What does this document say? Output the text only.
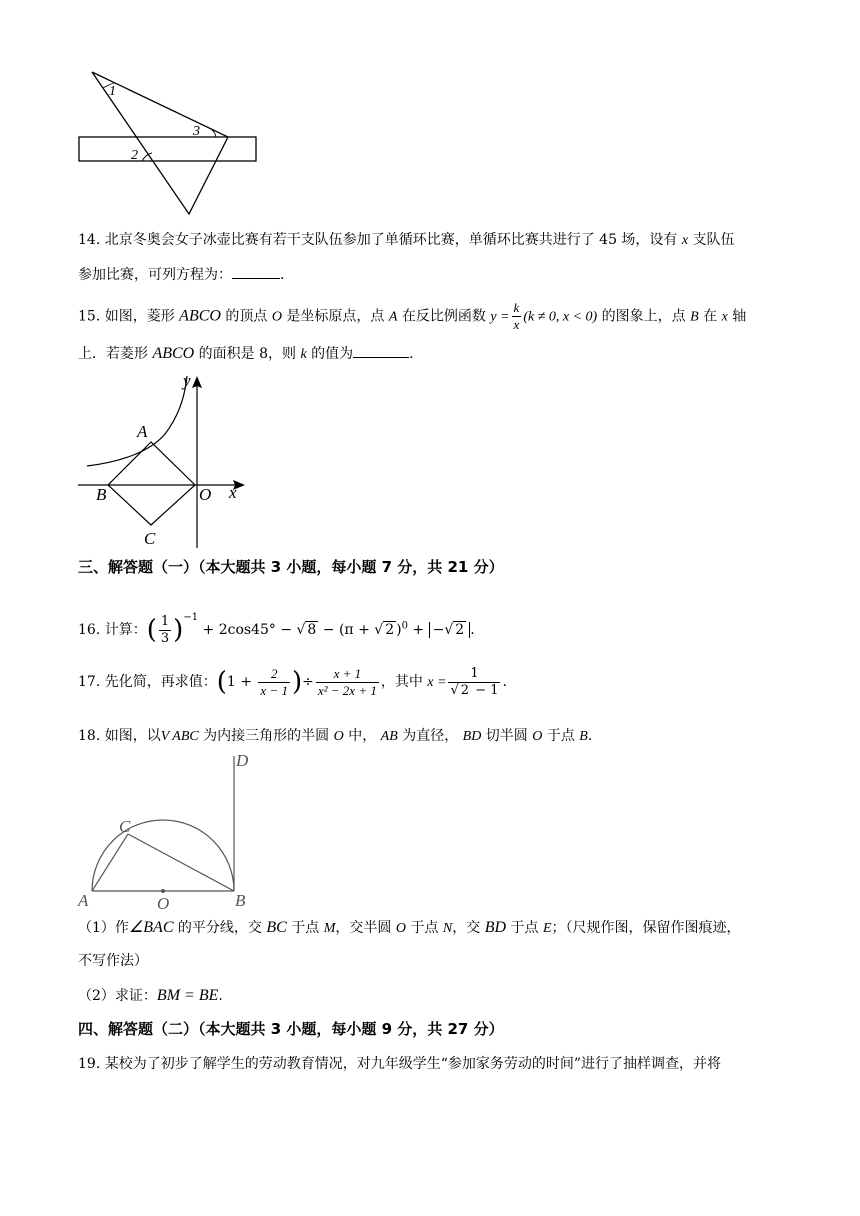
1
2
3
14. 北京冬奥会女子冰壶比赛有若干支队伍参加了单循环比赛，单循环比赛共进行了 45 场，设有 x 支队伍
参加比赛，可列方程为：	.
15. 如图，菱形 ABCO 的顶点 O 是坐标原点，点 A 在反比例函数 $y = \frac{k}{x} (k \ne 0$, x < 0) 的图象上，点 B 在 x 轴
上．若菱形 ABCO 的面积是 8，则 k 的值为	.
y
x
A
B	O
C
三、解答题（一）（本大题共 3 小题，每小题 7 分，共 21 分）
16. 计算：( $\frac{1}{3} )^{-1} + 2\cos 45^\circ$ − √ 8 − (π + √ 2 )$^0$ + −√ 2 .
17. 先化简，再求值：($1 + \frac{2}{x - 1}$ )÷ $\frac{x + 1}{\text{x² − 2x + 1}}$ ，其中 $x = \frac{1}{√ 2 - 1}$ .
18. 如图，以V ABC 为内接三角形的半圆 O 中， AB 为直径， BD 切半圆 O 于点 B．
A	B
C
D
O
（1）作∠BAC 的平分线，交 BC 于点 M，交半圆 O 于点 N，交 BD 于点 E；（尺规作图，保留作图痕迹，
不写作法）
（2）求证：BM = BE.
四、解答题（二）（本大题共 3 小题，每小题 9 分，共 27 分）
19. 某校为了初步了解学生的劳动教育情况，对九年级学生“参加家务劳动的时间”进行了抽样调查，并将
